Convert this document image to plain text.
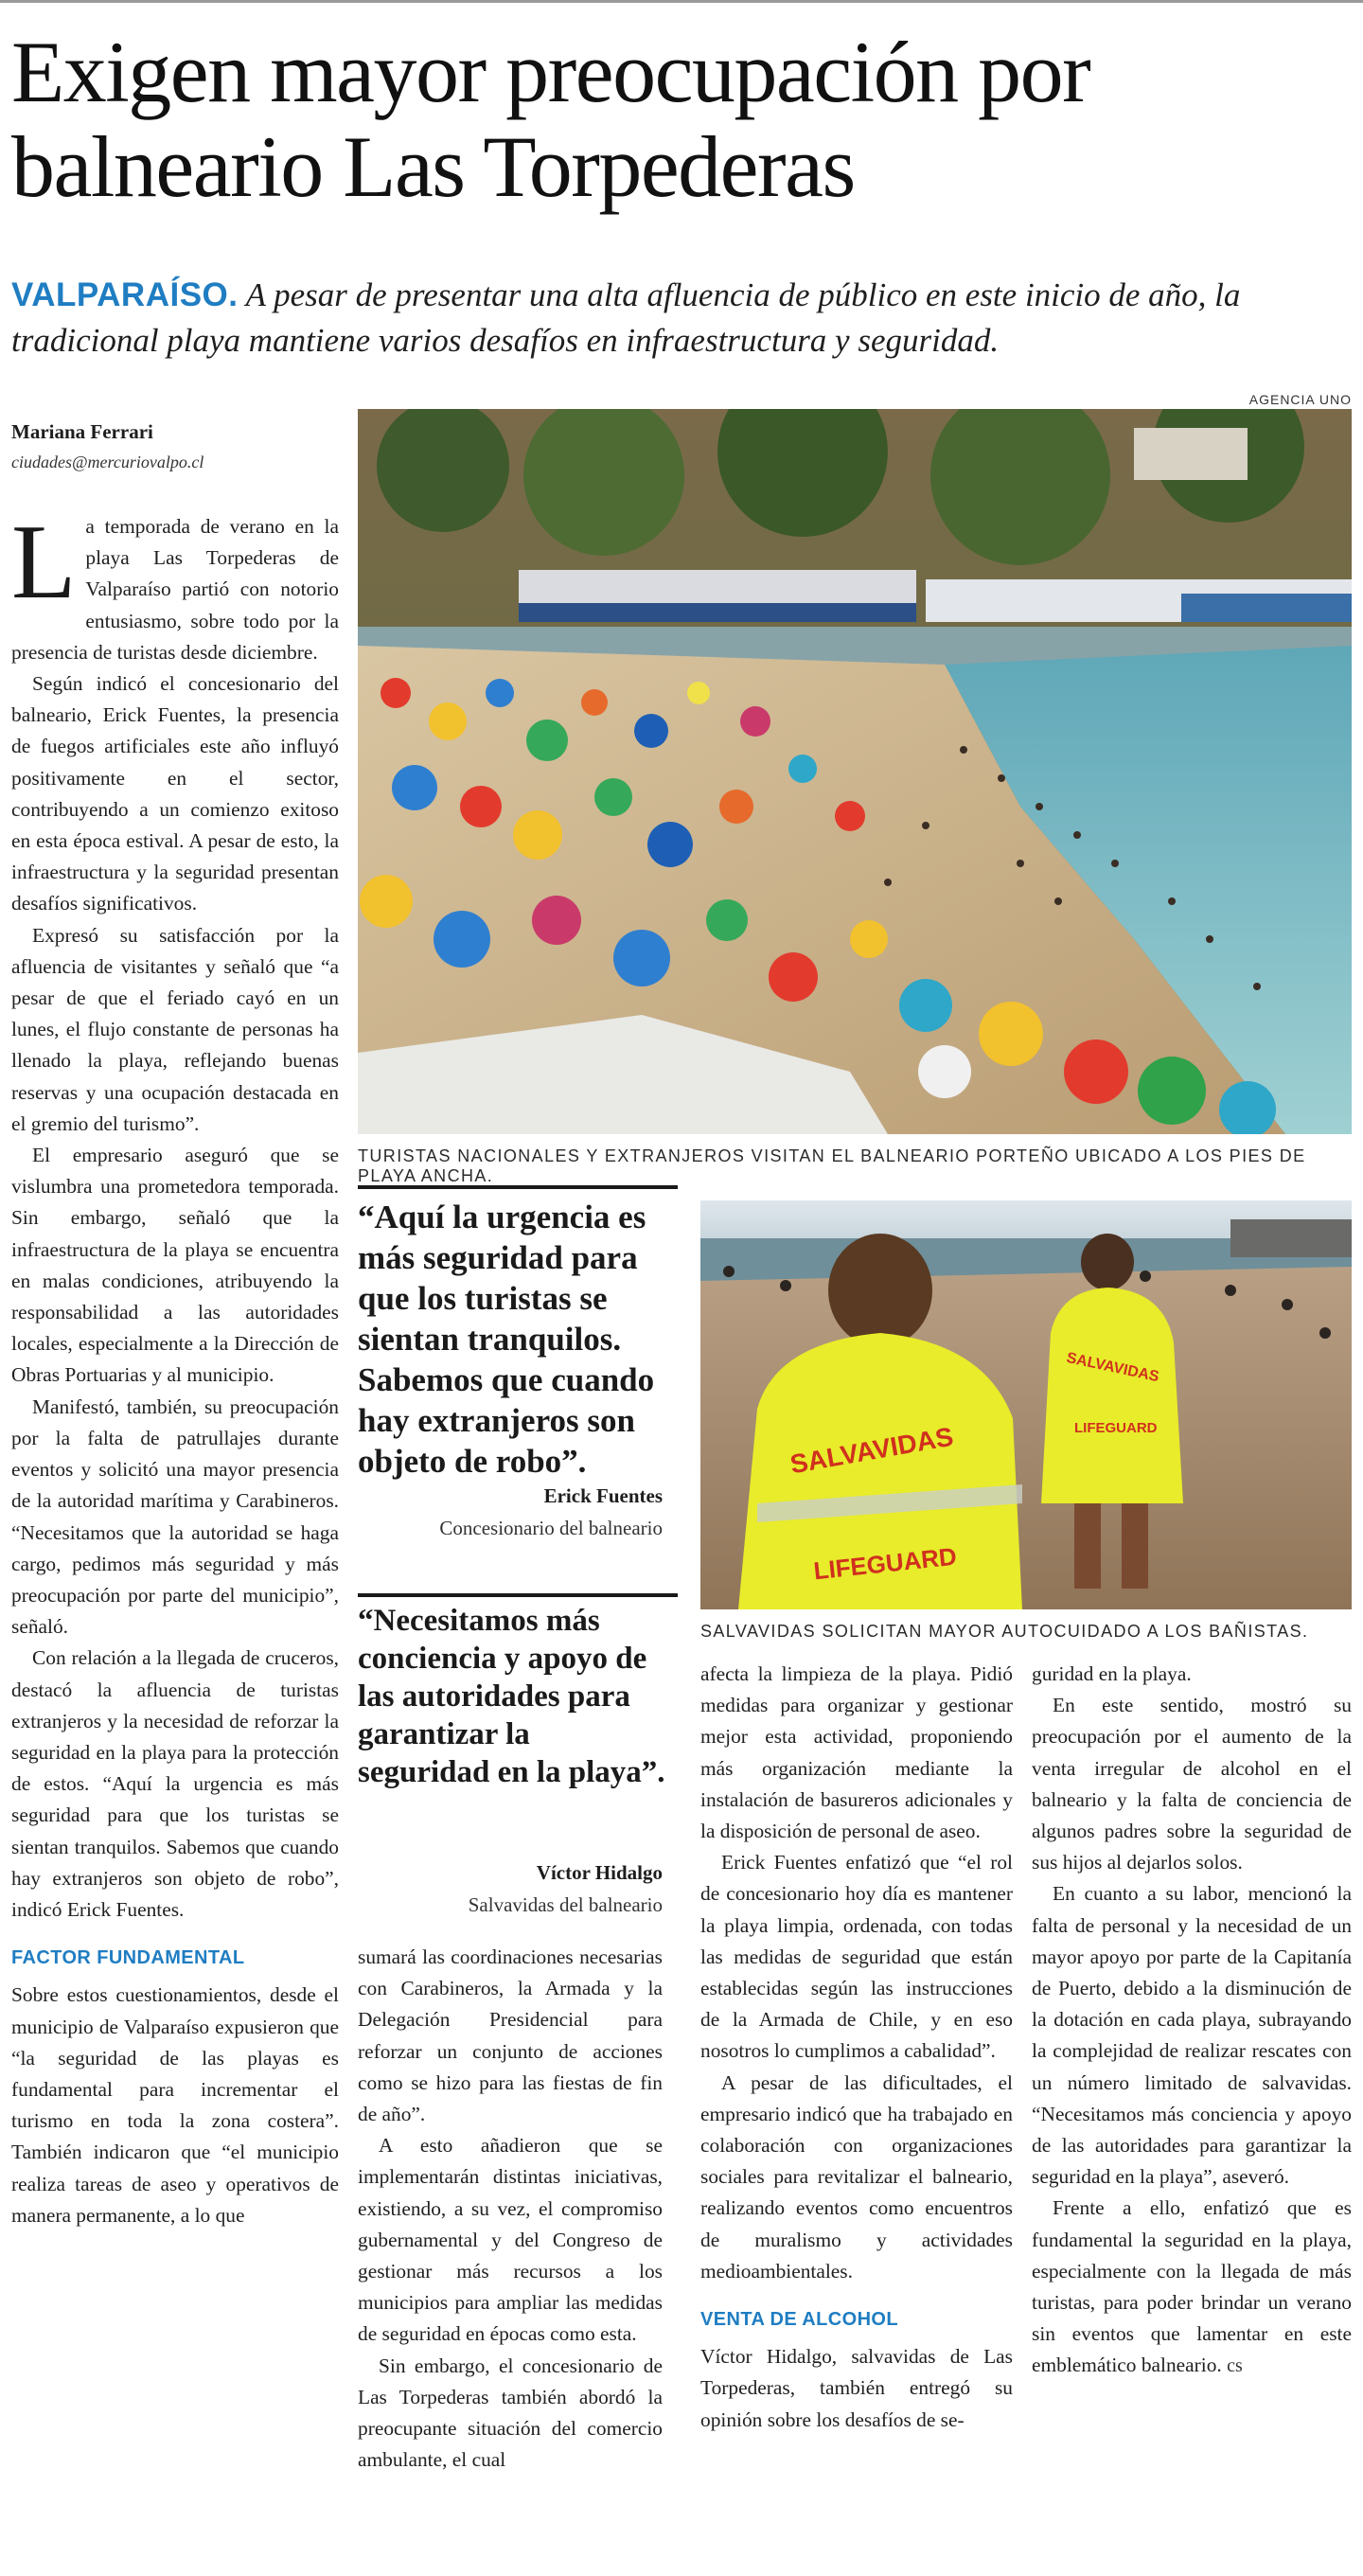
Exigen mayor preocupación por balneario Las Torpederas

VALPARAÍSO. A pesar de presentar una alta afluencia de público en este inicio de año, la tradicional playa mantiene varios desafíos en infraestructura y seguridad.

Mariana Ferrari
ciudades@mercuriovalpo.cl
AGENCIA UNO

TURISTAS NACIONALES Y EXTRANJEROS VISITAN EL BALNEARIO PORTEÑO UBICADO A LOS PIES DE PLAYA ANCHA.

SALVAVIDAS
LIFEGUARD
SALVAVIDAS
LIFEGUARD

SALVAVIDAS SOLICITAN MAYOR AUTOCUIDADO A LOS BAÑISTAS.

“Aquí la urgencia es más seguridad para que los turistas se sientan tranquilos. Sabemos que cuando hay extranjeros son objeto de robo”.

Erick Fuentes
Concesionario del balneario

“Necesitamos más conciencia y apoyo de las autoridades para garantizar la seguridad en la playa”.

Víctor Hidalgo
Salvavidas del balneario

La temporada de verano en la playa Las Torpederas de Valparaíso partió con notorio entusiasmo, sobre todo por la presencia de turistas desde diciembre.

Según indicó el concesionario del balneario, Erick Fuentes, la presencia de fuegos artificiales este año influyó positivamente en el sector, contribuyendo a un comienzo exitoso en esta época estival. A pesar de esto, la infraestructura y la seguridad presentan desafíos significativos.

Expresó su satisfacción por la afluencia de visitantes y señaló que “a pesar de que el feriado cayó en un lunes, el flujo constante de personas ha llenado la playa, reflejando buenas reservas y una ocupación destacada en el gremio del turismo”.

El empresario aseguró que se vislumbra una prometedora temporada. Sin embargo, señaló que la infraestructura de la playa se encuentra en malas condiciones, atribuyendo la responsabilidad a las autoridades locales, especialmente a la Dirección de Obras Portuarias y al municipio.

Manifestó, también, su preocupación por la falta de patrullajes durante eventos y solicitó una mayor presencia de la autoridad marítima y Carabineros. “Necesitamos que la autoridad se haga cargo, pedimos más seguridad y más preocupación por parte del municipio”, señaló.

Con relación a la llegada de cruceros, destacó la afluencia de turistas extranjeros y la necesidad de reforzar la seguridad en la playa para la protección de estos. “Aquí la urgencia es más seguridad para que los turistas se sientan tranquilos. Sabemos que cuando hay extranjeros son objeto de robo”, indicó Erick Fuentes.

FACTOR FUNDAMENTAL

Sobre estos cuestionamientos, desde el municipio de Valparaíso expusieron que “la seguridad de las playas es fundamental para incrementar el turismo en toda la zona costera”. También indicaron que “el municipio realiza tareas de aseo y operativos de manera permanente, a lo que

sumará las coordinaciones necesarias con Carabineros, la Armada y la Delegación Presidencial para reforzar un conjunto de acciones como se hizo para las fiestas de fin de año”.

A esto añadieron que se implementarán distintas iniciativas, existiendo, a su vez, el compromiso gubernamental y del Congreso de gestionar más recursos a los municipios para ampliar las medidas de seguridad en épocas como esta.

Sin embargo, el concesionario de Las Torpederas también abordó la preocupante situación del comercio ambulante, el cual

afecta la limpieza de la playa. Pidió medidas para organizar y gestionar mejor esta actividad, proponiendo más organización mediante la instalación de basureros adicionales y la disposición de personal de aseo.

Erick Fuentes enfatizó que “el rol de concesionario hoy día es mantener la playa limpia, ordenada, con todas las medidas de seguridad que están establecidas según las instrucciones de la Armada de Chile, y en eso nosotros lo cumplimos a cabalidad”.

A pesar de las dificultades, el empresario indicó que ha trabajado en colaboración con organizaciones sociales para revitalizar el balneario, realizando eventos como encuentros de muralismo y actividades medioambientales.

VENTA DE ALCOHOL

Víctor Hidalgo, salvavidas de Las Torpederas, también entregó su opinión sobre los desafíos de se-

guridad en la playa.

En este sentido, mostró su preocupación por el aumento de la venta irregular de alcohol en el balneario y la falta de conciencia de algunos padres sobre la seguridad de sus hijos al dejarlos solos.

En cuanto a su labor, mencionó la falta de personal y la necesidad de un mayor apoyo por parte de la Capitanía de Puerto, debido a la disminución de la dotación en cada playa, subrayando la complejidad de realizar rescates con un número limitado de salvavidas. “Necesitamos más conciencia y apoyo de las autoridades para garantizar la seguridad en la playa”, aseveró.

Frente a ello, enfatizó que es fundamental la seguridad en la playa, especialmente con la llegada de más turistas, para poder brindar un verano sin eventos que lamentar en este emblemático balneario. cs
